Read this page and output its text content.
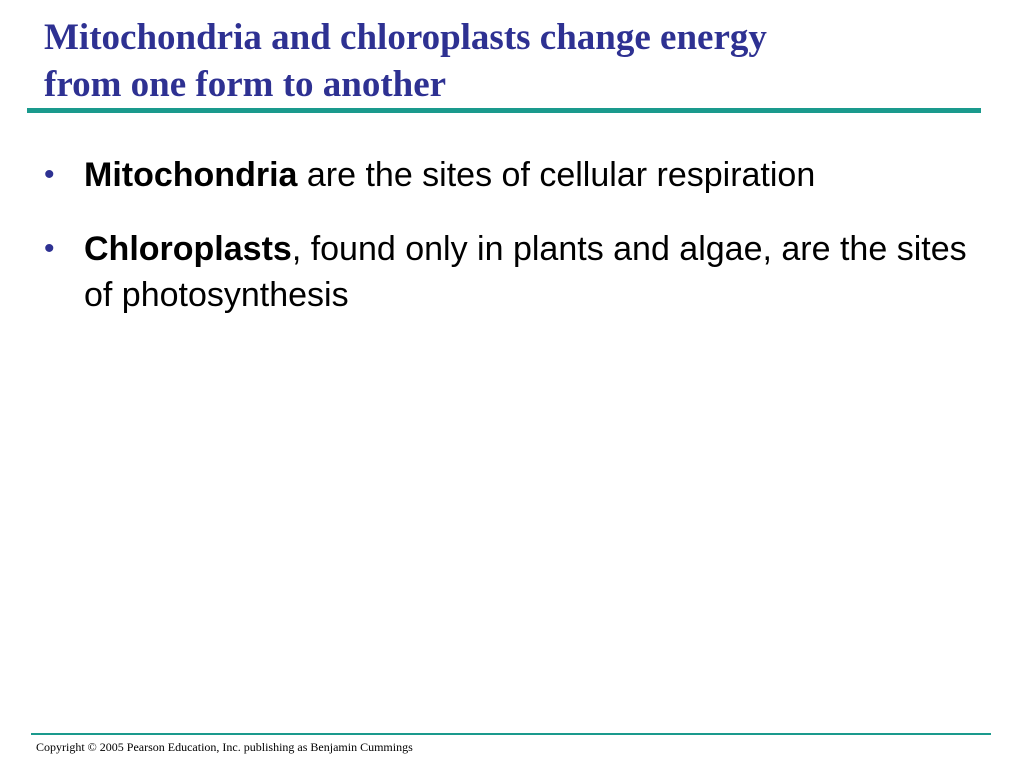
Mitochondria and chloroplasts change energy
from one form to another
• Mitochondria are the sites of cellular respiration
• Chloroplasts, found only in plants and algae, are the sites of photosynthesis
Copyright © 2005 Pearson Education, Inc. publishing as Benjamin Cummings
